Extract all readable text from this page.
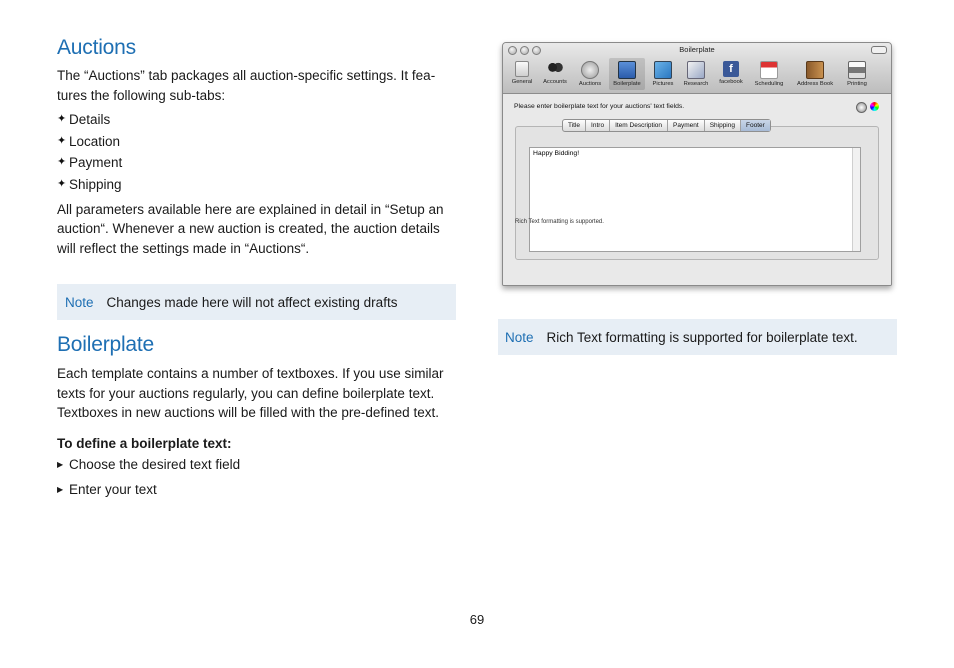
Auctions

The “Auctions” tab packages all auction-specific settings. It fea-

tures the following sub-tabs:

✦ Details
✦ Location
✦ Payment
✦ Shipping

All parameters available here are explained in detail in “Setup an

auction“. Whenever a new auction is created, the auction details

will reflect the settings made in “Auctions“.

Note Changes made here will not affect existing drafts
Boilerplate

Each template contains a number of textboxes. If you use similar

texts for your auctions regularly, you can define boilerplate text.

Textboxes in new auctions will be filled with the pre-defined text.

To define a boilerplate text:

▶ Choose the desired text field
▶ Enter your text
Boilerplate
General	Accounts	Auctions	Boilerplate	Pictures	Research
f
facebook	Scheduling	Address Book	Printing
Please enter boilerplate text for your auctions' text fields.
Title	Intro	Item Description	Payment	Shipping	Footer
Happy Bidding!
Rich Text formatting is supported.
Note Rich Text formatting is supported for boilerplate text.
69
